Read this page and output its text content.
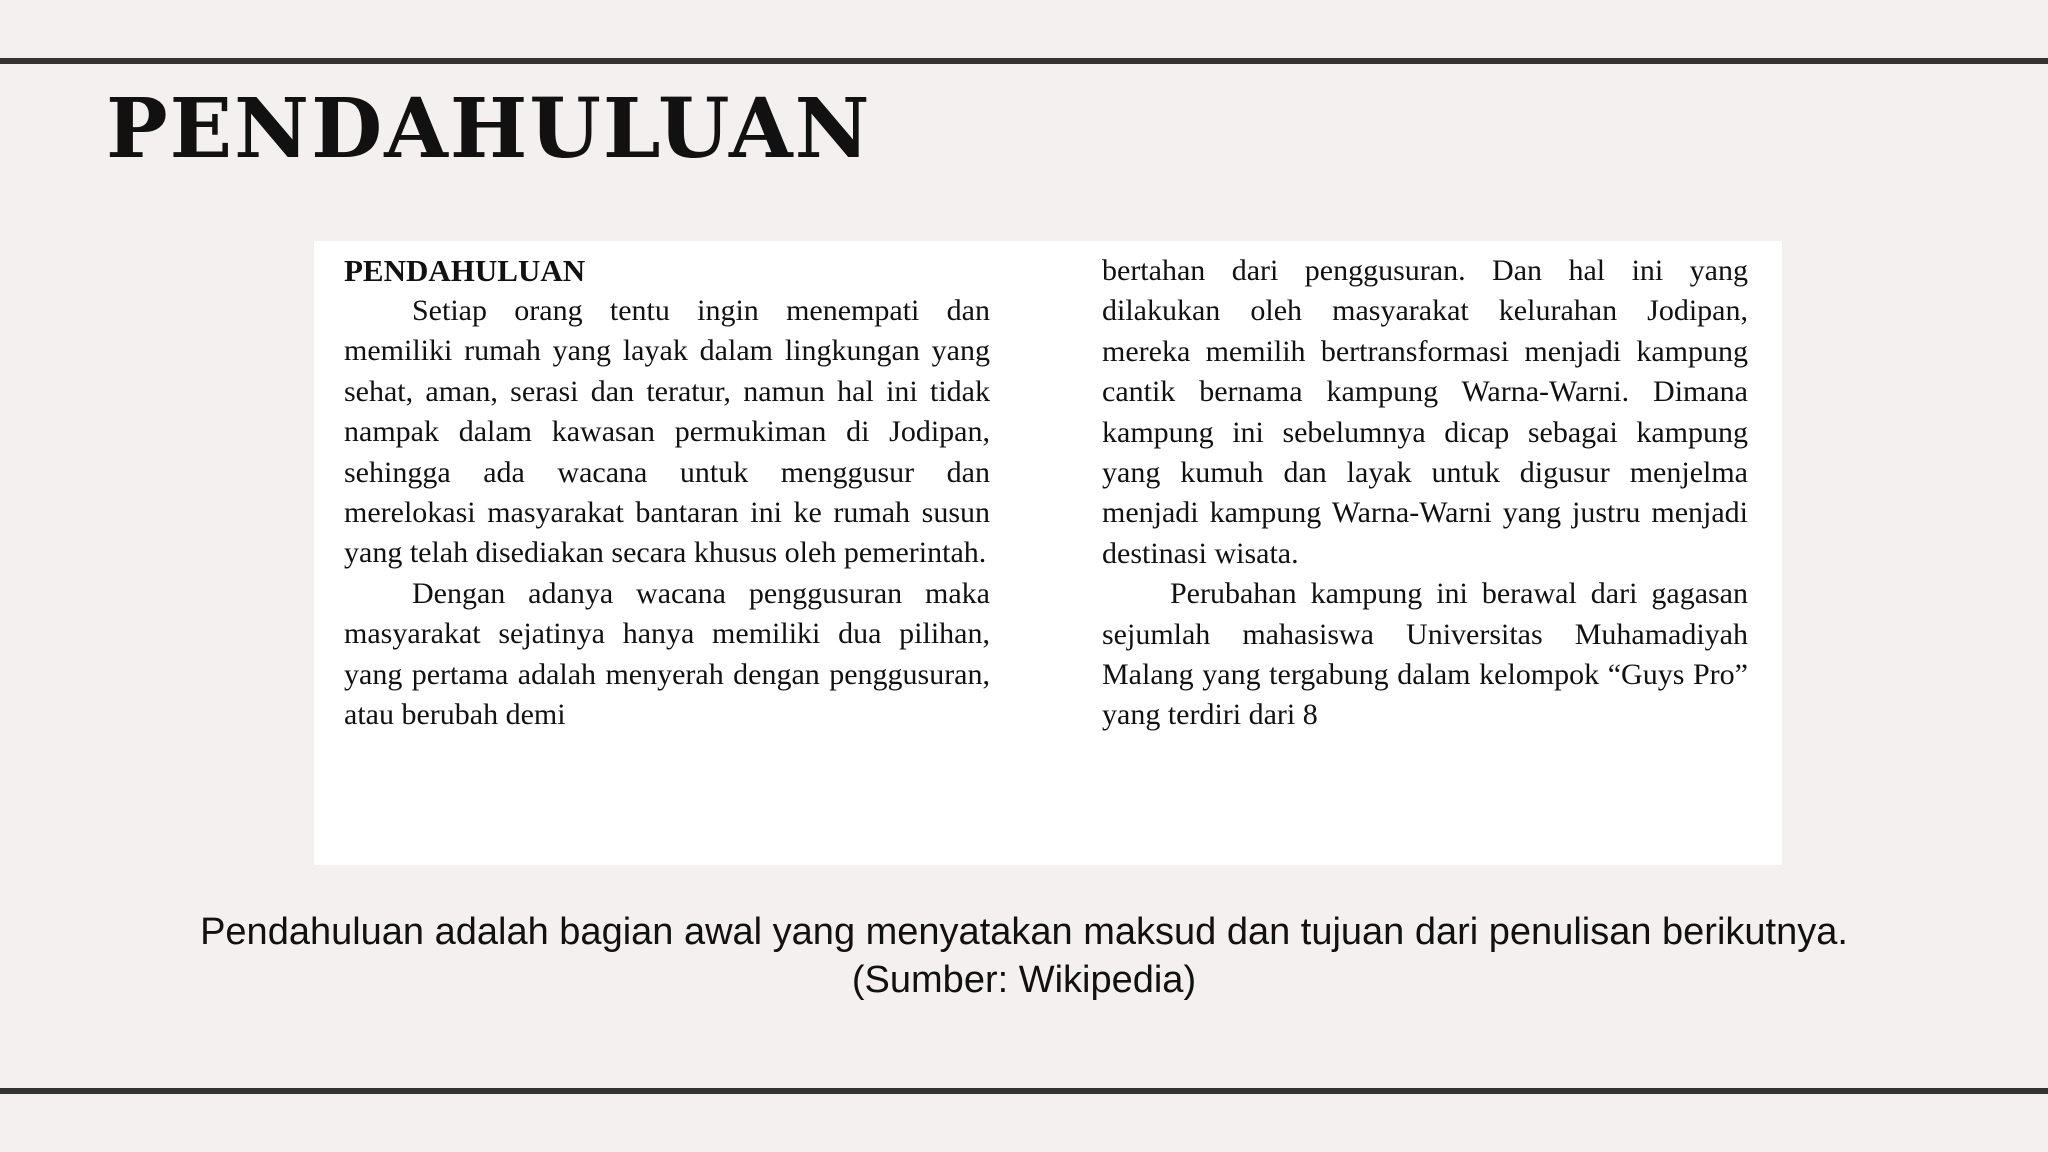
PENDAHULUAN

PENDAHULUAN

Setiap orang tentu ingin menempati dan memiliki rumah yang layak dalam lingkungan yang sehat, aman, serasi dan teratur, namun hal ini tidak nampak dalam kawasan permukiman di Jodipan, sehingga ada wacana untuk menggusur dan merelokasi masyarakat bantaran ini ke rumah susun yang telah disediakan secara khusus oleh pemerintah.

Dengan adanya wacana penggusuran maka masyarakat sejatinya hanya memiliki dua pilihan, yang pertama adalah menyerah dengan penggusuran, atau berubah demi

bertahan dari penggusuran. Dan hal ini yang dilakukan oleh masyarakat kelurahan Jodipan, mereka memilih bertransformasi menjadi kampung cantik bernama kampung Warna-Warni. Dimana kampung ini sebelumnya dicap sebagai kampung yang kumuh dan layak untuk digusur menjelma menjadi kampung Warna-Warni yang justru menjadi destinasi wisata.

Perubahan kampung ini berawal dari gagasan sejumlah mahasiswa Universitas Muhamadiyah Malang yang tergabung dalam kelompok “Guys Pro” yang terdiri dari 8

Pendahuluan adalah bagian awal yang menyatakan maksud dan tujuan dari penulisan berikutnya. (Sumber: Wikipedia)
